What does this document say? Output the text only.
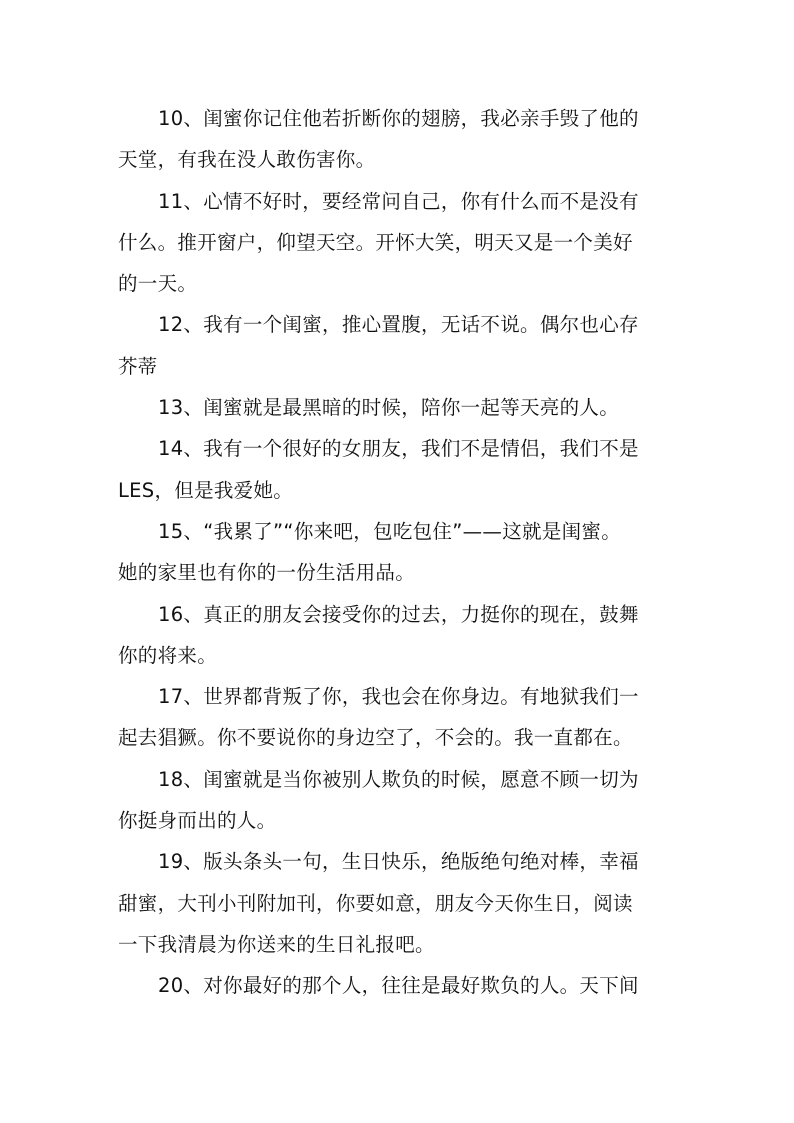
10、闺蜜你记住他若折断你的翅膀，我必亲手毁了他的
天堂，有我在没人敢伤害你。
11、心情不好时，要经常问自己，你有什么而不是没有
什么。推开窗户，仰望天空。开怀大笑，明天又是一个美好
的一天。
12、我有一个闺蜜，推心置腹，无话不说。偶尔也心存
芥蒂
13、闺蜜就是最黑暗的时候，陪你一起等天亮的人。
14、我有一个很好的女朋友，我们不是情侣，我们不是
LES，但是我爱她。
15、“我累了”“你来吧，包吃包住”——这就是闺蜜。
她的家里也有你的一份生活用品。
16、真正的朋友会接受你的过去，力挺你的现在，鼓舞
你的将来。
17、世界都背叛了你，我也会在你身边。有地狱我们一
起去猖獗。你不要说你的身边空了，不会的。我一直都在。
18、闺蜜就是当你被别人欺负的时候，愿意不顾一切为
你挺身而出的人。
19、版头条头一句，生日快乐，绝版绝句绝对棒，幸福
甜蜜，大刊小刊附加刊，你要如意，朋友今天你生日，阅读
一下我清晨为你送来的生日礼报吧。
20、对你最好的那个人，往往是最好欺负的人。天下间
